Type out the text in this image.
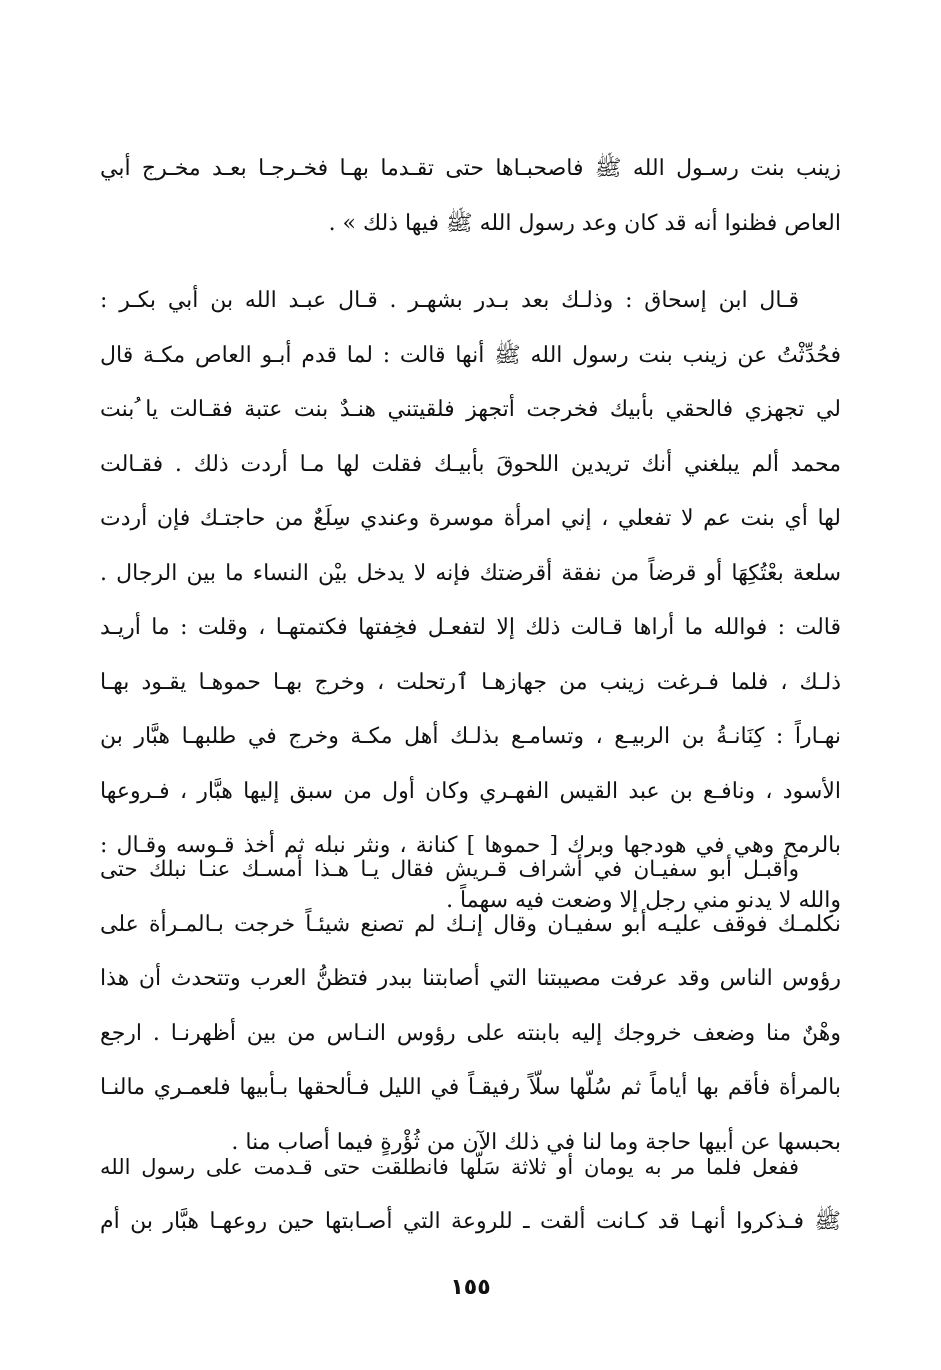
زينب بنت رسـول الله ﷺ فاصحبـاها حتى تقـدما بهـا فخـرجـا بعـد مخـرج أبي
العاص فظنوا أنه قد كان وعد رسول الله ﷺ فيها ذلك » .
قـال ابن إسحاق : وذلـك بعد بـدر بشهـر . قـال عبـد الله بن أبي بكـر :
فحُدِّثْتُ عن زينب بنت رسول الله ﷺ أنها قالت : لما قدم أبـو العاص مكـة قال
لي تجهزي فالحقي بأبيك فخرجت أتجهز فلقيتني هنـدٌ بنت عتبة فقـالت يا ُبنت
محمد ألم يبلغني أنك تريدين اللحوقَ بأبيـك فقلت لها مـا أردت ذلك . فقـالت
لها أي بنت عم لا تفعلي ، إني امرأة موسرة وعندي سِلَعٌ من حاجتـك فإن أردت
سلعة بعْتُكِهَا أو قرضاً من نفقة أقرضتك فإنه لا يدخل بيْن النساء ما بين الرجال .
قالت : فوالله ما أراها قـالت ذلك إلا لتفعـل فخِفتها فكتمتهـا ، وقلت : ما أريـد
ذلـك ، فلما فـرغت زينب من جهازهـا ٱرتحلت ، وخرج بهـا حموهـا يقـود بهـا
نهـاراً : كِنَانـةُ بن الربيـع ، وتسامـع بذلـك أهل مكـة وخرج في طلبهـا هبَّار بن
الأسود ، ونافـع بن عبد القيس الفهـري وكان أول من سبق إليها هبَّار ، فـروعها
بالرمح وهي في هودجها وبرك [ حموها ] كنانة ، ونثر نبله ثم أخذ قـوسه وقـال :
والله لا يدنو مني رجل إلا وضعت فيه سهماً .
وأقبـل أبو سفيـان في أشراف قـريش فقال يـا هـذا أمسـك عنـا نبلك حتى
نكلمـك فوقف عليـه أبو سفيـان وقال إنـك لم تصنع شيئـاً خرجت بـالمـرأة على
رؤوس الناس وقد عرفت مصيبتنا التي أصابتنا ببدر فتظنُّ العرب وتتحدث أن هذا
وهْنٌ منا وضعف خروجك إليه بابنته على رؤوس النـاس من بين أظهرنـا . ارجع
بالمرأة فأقم بها أياماً ثم سُلّها سلّاً رفيقـاً في الليل فـألحقها بـأبيها فلعمـري مالنـا
بحبسها عن أبيها حاجة وما لنا في ذلك الآن من ثُؤْرةٍ فيما أصاب منا .
ففعل فلما مر به يومان أو ثلاثة سَلّها فانطلقت حتى قـدمت على رسول الله
ﷺ فـذكروا أنهـا قد كـانت ألقت ـ للروعة التي أصـابتها حين روعهـا هبَّار بن أم
١٥٥
